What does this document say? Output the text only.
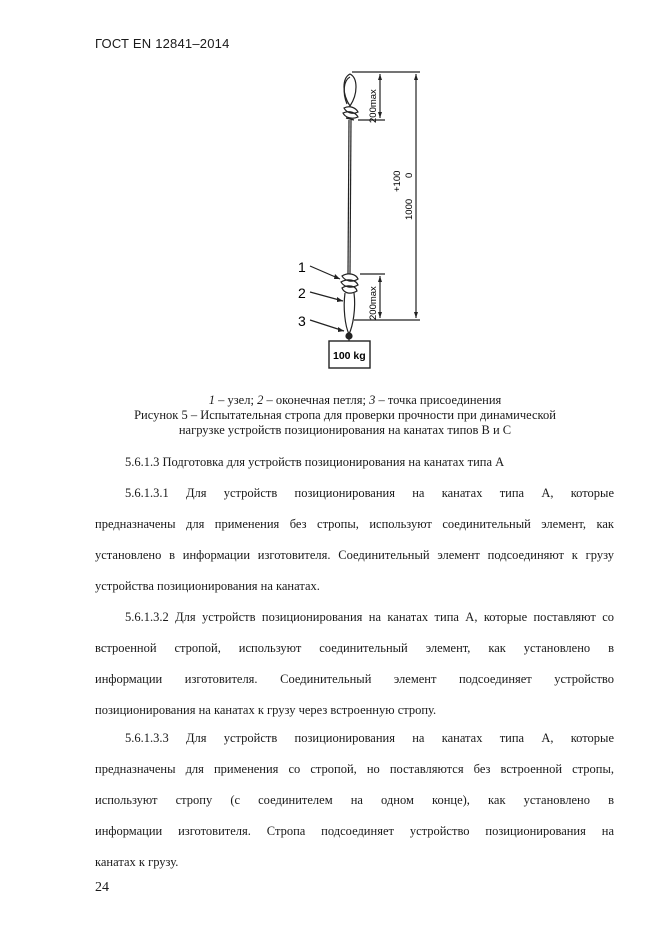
ГОСТ EN 12841–2014
200max
1000
+100 0
200max
1
2
3
100 kg
1 – узел; 2 – оконечная петля; 3 – точка присоединения
Рисунок 5 – Испытательная стропа для проверки прочности при динамической
нагрузке устройств позиционирования на канатах типов В и С
5.6.1.3 Подготовка для устройств позиционирования на канатах типа А
5.6.1.3.1 Для устройств позиционирования на канатах типа А, которые
предназначены для применения без стропы, используют соединительный элемент, как
установлено в информации изготовителя. Соединительный элемент подсоединяют к грузу
устройства позиционирования на канатах.
5.6.1.3.2 Для устройств позиционирования на канатах типа А, которые поставляют со
встроенной стропой, используют соединительный элемент, как установлено в
информации изготовителя. Соединительный элемент подсоединяет устройство
позиционирования на канатах к грузу через встроенную стропу.
5.6.1.3.3 Для устройств позиционирования на канатах типа А, которые
предназначены для применения со стропой, но поставляются без встроенной стропы,
используют стропу (с соединителем на одном конце), как установлено в
информации изготовителя. Стропа подсоединяет устройство позиционирования на
канатах к грузу.
24
